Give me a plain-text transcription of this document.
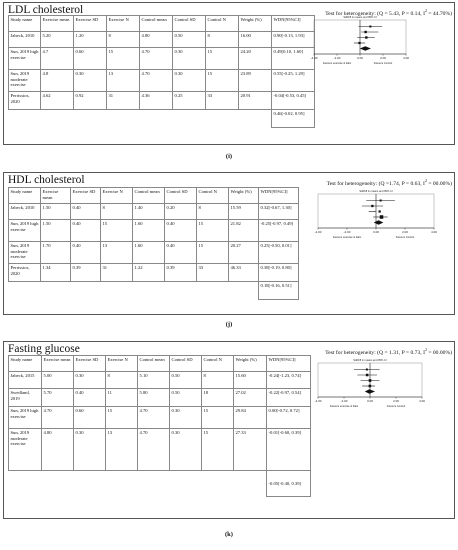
LDL cholesterol	Test for heterogeneity: (Q = 5.43, P = 0.14, $I^2 = 44.70\%$)
Study name	Exercise mean	Exercise SD	Exercise N	Control mean	Control SD	Control N	Weight (%)	WDN[95%CI]
Jabeck, 2010	5.20	1.20	8	4.80	0.50	8	16.00	0.90[-0.13, 1.93]
Sun, 2019 high exercise	4.7	0.60	15	4.70	0.30	15	24.20	0.49[0.10, 1.60]
Sun, 2019 moderate exercise	4.8	0.30	13	4.70	0.30	15	23.89	0.55[-0.25, 1.29]
Perrissios, 2020	4.62	0.92	31	4.36	0.25	33	20.91	-0.04[-0.53, 0.45]
								0.46[-0.02, 0.95]
StdDiff in means and 95% CI
-4.00	-2.00	0.00	2.00	4.00
Favours exercise & Italic	Favours Control
(i)
HDL cholesterol	Test for heterogeneity: (Q =1.74, P = 0.63, $I^2 = 00.00\%$)
Study name	Exercise mean	Exercise SD	Exercise N	Control mean	Control SD	Control N	Weight (%)	WDN[95%CI]
Jabeck, 2010	1.50	0.40	8	1.40	0.20	8	15.59	0.32[-0.67, 1.30]
Sun, 2019 high exercise	1.50	0.40	15	1.60	0.40	15	21.82	-0.25[-0.97, 0.49]
Sun, 2019 moderate exercise	1.70	0.40	13	1.60	0.40	15	20.27	0.25[-0.50, 0.01]
Perrissios, 2020	1.34	0.39	31	1.22	0.39	33	46.33	0.38[-0.19, 0.80]
								0.18[-0.16, 0.51]
StdDiff in means and 95% CI
-4.00	-2.00	0.00	2.00	4.00
Favours exercise & Italic	Favours Control
(j)
Fasting glucose	Test for heterogeneity: (Q = 1.31, P = 0.73, $I^2 = 00.00\%$)
Study name	Exercise mean	Exercise SD	Exercise N	Control mean	Control SD	Control N	Weight (%)	WDN[95%CI]
Jabeck, 2015	5.00	0.30	8	5.10	0.50	8	15.60	-0.24[-1.23, 0.74]
Swedland, 2019	5.70	0.40	11	5.80	0.50	18	27.02	-0.22[-0.97, 0.54]
Sun, 2019 high exercise	4.70	0.60	15	4.70	0.30	15	29.84	0.00[-0.72, 0.72]
Sun, 2019 moderate exercise	4.80	0.30	13	4.70	0.30	15	27.33	-0.01[-0.60, 0.39]
								-0.05[-0.40, 0.39]
StdDiff in means and 95% CI
-4.00	-2.00	0.00	2.00	4.00
Favours exercise & Italic	Favours Control
(k)
